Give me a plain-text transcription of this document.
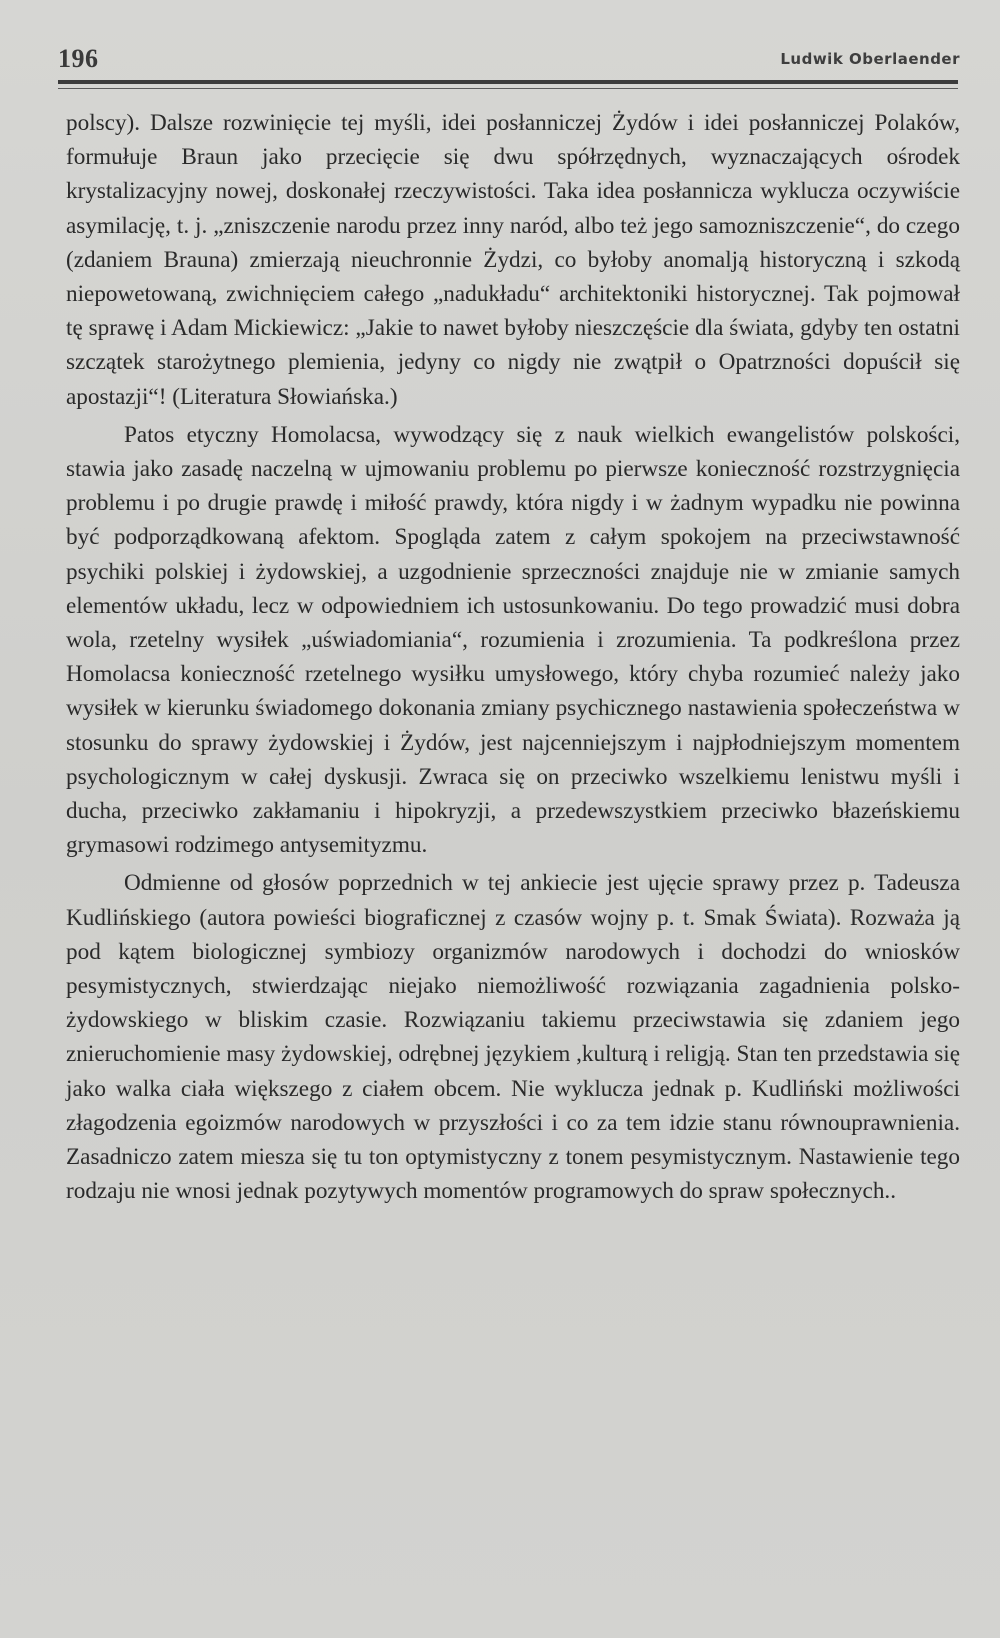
196	Ludwik Oberlaender

polscy). Dalsze rozwinięcie tej myśli, idei posłanniczej Żydów i idei posłanniczej Polaków, formułuje Braun jako przecięcie się dwu spółrzędnych, wyznaczających ośrodek krystalizacyjny nowej, doskonałej rzeczywistości. Taka idea posłannicza wyklucza oczywiście asymilację, t. j. „zniszczenie narodu przez inny naród, albo też jego samozniszczenie“, do czego (zdaniem Brauna) zmierzają nieuchronnie Żydzi, co byłoby anomalją historyczną i szkodą niepowetowaną, zwichnięciem całego „nadukładu“ architektoniki historycznej. Tak pojmował tę sprawę i Adam Mickiewicz: „Jakie to nawet byłoby nieszczęście dla świata, gdyby ten ostatni szczątek starożytnego plemienia, jedyny co nigdy nie zwątpił o Opatrzności dopuścił się apostazji“! (Literatura Słowiańska.)

Patos etyczny Homolacsa, wywodzący się z nauk wielkich ewangelistów polskości, stawia jako zasadę naczelną w ujmowaniu problemu po pierwsze konieczność rozstrzygnięcia problemu i po drugie prawdę i miłość prawdy, która nigdy i w żadnym wypadku nie powinna być podporządkowaną afektom. Spogląda zatem z całym spokojem na przeciwstawność psychiki polskiej i żydowskiej, a uzgodnienie sprzeczności znajduje nie w zmianie samych elementów układu, lecz w odpowiedniem ich ustosunkowaniu. Do tego prowadzić musi dobra wola, rzetelny wysiłek „uświadomiania“, rozumienia i zrozumienia. Ta podkreślona przez Homolacsa konieczność rzetelnego wysiłku umysłowego, który chyba rozumieć należy jako wysiłek w kierunku świadomego dokonania zmiany psychicznego nastawienia społeczeństwa w stosunku do sprawy żydowskiej i Żydów, jest najcenniejszym i najpłodniejszym momentem psychologicznym w całej dyskusji. Zwraca się on przeciwko wszelkiemu lenistwu myśli i ducha, przeciwko zakłamaniu i hipokryzji, a przedewszystkiem przeciwko błazeńskiemu grymasowi rodzimego antysemityzmu.

Odmienne od głosów poprzednich w tej ankiecie jest ujęcie sprawy przez p. Tadeusza Kudlińskiego (autora powieści biograficznej z czasów wojny p. t. Smak Świata). Rozważa ją pod kątem biologicznej symbiozy organizmów narodowych i dochodzi do wniosków pesymistycznych, stwierdzając niejako niemożliwość rozwiązania zagadnienia polsko-żydowskiego w bliskim czasie. Rozwiązaniu takiemu przeciwstawia się zdaniem jego znieruchomienie masy żydowskiej, odrębnej językiem ,kulturą i religją. Stan ten przedstawia się jako walka ciała większego z ciałem obcem. Nie wyklucza jednak p. Kudliński możliwości złagodzenia egoizmów narodowych w przyszłości i co za tem idzie stanu równouprawnienia. Zasadniczo zatem miesza się tu ton optymistyczny z tonem pesymistycznym. Nastawienie tego rodzaju nie wnosi jednak pozytywych momentów programowych do spraw społecznych..
